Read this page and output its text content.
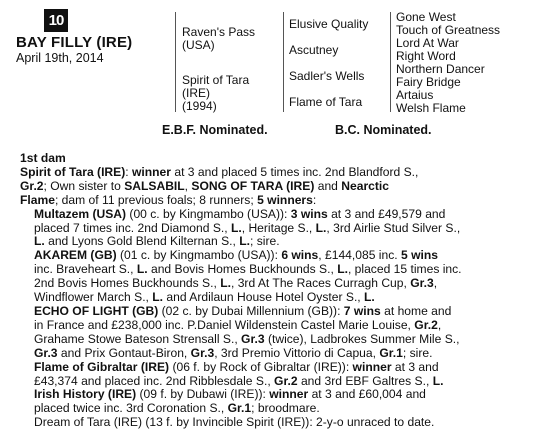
10
BAY FILLY (IRE)
April 19th, 2014
Raven's Pass
(USA)
Spirit of Tara
(IRE)
(1994)
Elusive Quality
Ascutney
Sadler's Wells
Flame of Tara
Gone West
Touch of Greatness
Lord At War
Right Word
Northern Dancer
Fairy Bridge
Artaius
Welsh Flame
E.B.F. Nominated.	B.C. Nominated.
1st dam
Spirit of Tara (IRE): winner at 3 and placed 5 times inc. 2nd Blandford S.,
Gr.2; Own sister to SALSABIL, SONG OF TARA (IRE) and Nearctic
Flame; dam of 11 previous foals; 8 runners; 5 winners:
Multazem (USA) (00 c. by Kingmambo (USA)): 3 wins at 3 and £49,579 and
placed 7 times inc. 2nd Diamond S., L., Heritage S., L., 3rd Airlie Stud Silver S.,
L. and Lyons Gold Blend Kilternan S., L.; sire.
AKAREM (GB) (01 c. by Kingmambo (USA)): 6 wins, £144,085 inc. 5 wins
inc. Braveheart S., L. and Bovis Homes Buckhounds S., L., placed 15 times inc.
2nd Bovis Homes Buckhounds S., L., 3rd At The Races Curragh Cup, Gr.3,
Windflower March S., L. and Ardilaun House Hotel Oyster S., L.
ECHO OF LIGHT (GB) (02 c. by Dubai Millennium (GB)): 7 wins at home and
in France and £238,000 inc. P.Daniel Wildenstein Castel Marie Louise, Gr.2,
Grahame Stowe Bateson Strensall S., Gr.3 (twice), Ladbrokes Summer Mile S.,
Gr.3 and Prix Gontaut-Biron, Gr.3, 3rd Premio Vittorio di Capua, Gr.1; sire.
Flame of Gibraltar (IRE) (06 f. by Rock of Gibraltar (IRE)): winner at 3 and
£43,374 and placed inc. 2nd Ribblesdale S., Gr.2 and 3rd EBF Galtres S., L.
Irish History (IRE) (09 f. by Dubawi (IRE)): winner at 3 and £60,004 and
placed twice inc. 3rd Coronation S., Gr.1; broodmare.
Dream of Tara (IRE) (13 f. by Invincible Spirit (IRE)): 2-y-o unraced to date.
